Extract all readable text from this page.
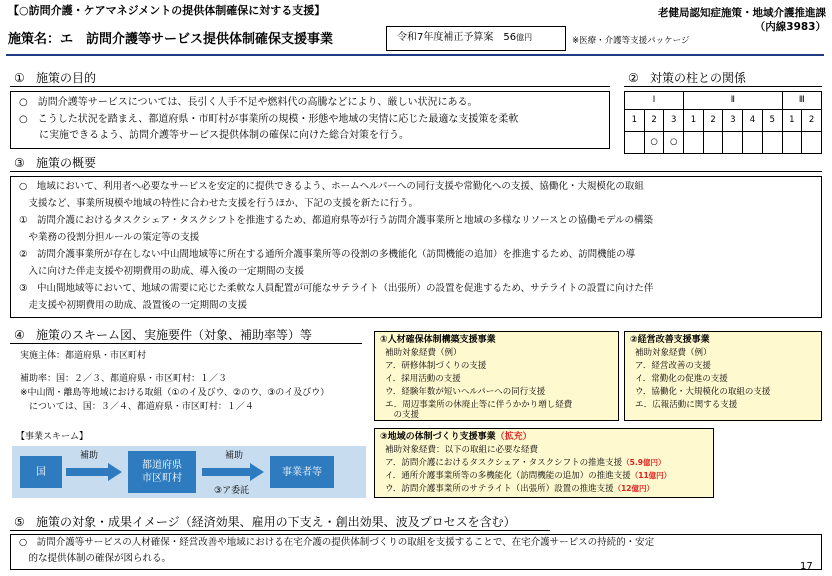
【○訪問介護・ケアマネジメントの提供体制確保に対する支援】	老健局認知症施策・地域介護推進課
（内線3983）
施策名：エ　訪問介護等サービス提供体制確保支援事業	令和7年度補正予算案　56億円	※医療・介護等支援パッケージ
① 施策の目的
○　訪問介護等サービスについては、長引く人手不足や燃料代の高騰などにより、厳しい状況にある。
○　こうした状況を踏まえ、都道府県・市町村が事業所の規模・形態や地域の実情に応じた最適な支援策を柔軟
　　に実施できるよう、訪問介護等サービス提供体制の確保に向けた総合対策を行う。
② 対策の柱との関係
Ⅰ			Ⅱ					Ⅲ	
1	2	3	1	2	3	4	5	1	2
	○	○							
③ 施策の概要
○　地域において、利用者へ必要なサービスを安定的に提供できるよう、ホームヘルパーへの同行支援や常勤化への支援、協働化・大規模化の取組
　支援など、事業所規模や地域の特性に合わせた支援を行うほか、下記の支援を新たに行う。
①　訪問介護におけるタスクシェア・タスクシフトを推進するため、都道府県等が行う訪問介護事業所と地域の多様なリソースとの協働モデルの構築
　や業務の役割分担ルールの策定等の支援
②　訪問介護事業所が存在しない中山間地域等に所在する通所介護事業所等の役割の多機能化（訪問機能の追加）を推進するため、訪問機能の導
　入に向けた伴走支援や初期費用の助成、導入後の一定期間の支援
③　中山間地域等において、地域の需要に応じた柔軟な人員配置が可能なサテライト（出張所）の設置を促進するため、サテライトの設置に向けた伴
　走支援や初期費用の助成、設置後の一定期間の支援
④ 施策のスキーム図、実施要件（対象、補助率等）等
実施主体：都道府県・市区町村
補助率：国：２／３、都道府県・市区町村：１／３
※中山間・離島等地域における取組（①のイ及びウ、②のウ、③のイ及びウ）
　については、国：３／４、都道府県・市区町村：１／４
【事業スキーム】
国
補助
都道府県
市区町村
補助
③ア委託
事業者等
①人材確保体制構築支援事業
補助対象経費（例）
ア．研修体制づくりの支援
イ．採用活動の支援
ウ．経験年数が短いヘルパーへの同行支援
エ．周辺事業所の休廃止等に伴うかかり増し経費
　の支援
②経営改善支援事業
補助対象経費（例）
ア．経営改善の支援
イ．常勤化の促進の支援
ウ．協働化・大規模化の取組の支援
エ．広報活動に関する支援
③地域の体制づくり支援事業（拡充）
補助対象経費：以下の取組に必要な経費
ア．訪問介護におけるタスクシェア・タスクシフトの推進支援（5.9億円）
イ．通所介護事業所等の多機能化（訪問機能の追加）の推進支援（11億円）
ウ．訪問介護事業所のサテライト（出張所）設置の推進支援（12億円）
⑤ 施策の対象・成果イメージ（経済効果、雇用の下支え・創出効果、波及プロセスを含む）
○　訪問介護等サービスの人材確保・経営改善や地域における在宅介護の提供体制づくりの取組を支援することで、在宅介護サービスの持続的・安定
　的な提供体制の確保が図られる。
17
